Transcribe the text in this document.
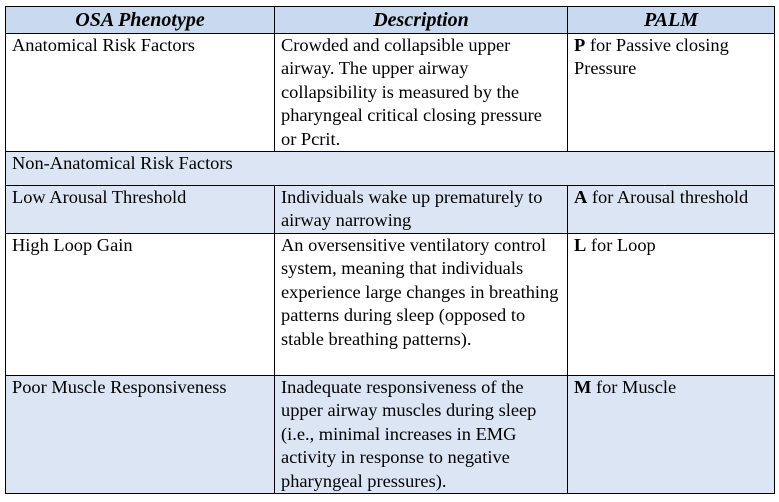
OSA Phenotype	Description	PALM
Anatomical Risk Factors	Crowded and collapsible upper airway. The upper airway collapsibility is measured by the pharyngeal critical closing pressure or Pcrit.	P for Passive closing Pressure
Non-Anatomical Risk Factors		
Low Arousal Threshold	Individuals wake up prematurely to airway narrowing	A for Arousal threshold
High Loop Gain	An oversensitive ventilatory control system, meaning that individuals experience large changes in breathing patterns during sleep (opposed to stable breathing patterns).	L for Loop
Poor Muscle Responsiveness	Inadequate responsiveness of the upper airway muscles during sleep (i.e., minimal increases in EMG activity in response to negative pharyngeal pressures).	M for Muscle
